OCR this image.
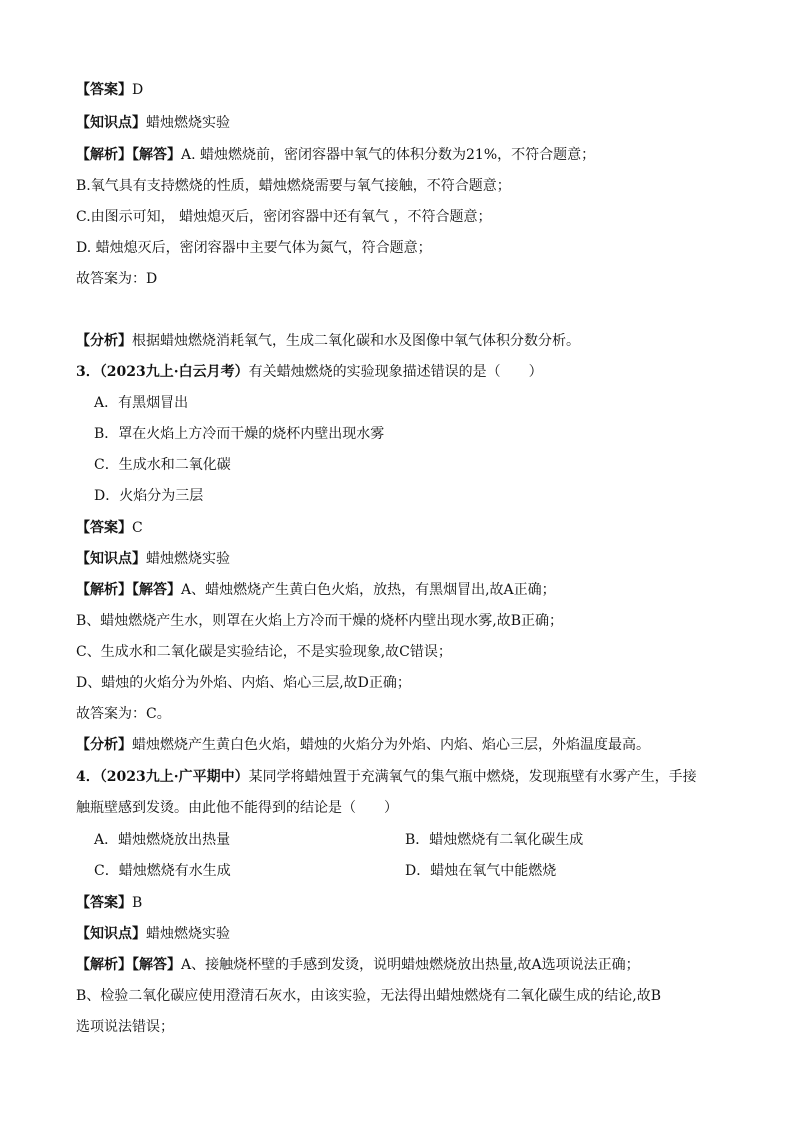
【答案】D
【知识点】蜡烛燃烧实验
【解析】【解答】A. 蜡烛燃烧前，密闭容器中氧气的体积分数为21%，不符合题意；
B.氧气具有支持燃烧的性质，蜡烛燃烧需要与氧气接触，不符合题意；
C.由图示可知， 蜡烛熄灭后，密闭容器中还有氧气 ，不符合题意；
D. 蜡烛熄灭后，密闭容器中主要气体为氮气，符合题意；
故答案为：D
【分析】根据蜡烛燃烧消耗氧气，生成二氧化碳和水及图像中氧气体积分数分析。
3．（2023九上·白云月考）有关蜡烛燃烧的实验现象描述错误的是（　　）
A．有黑烟冒出
B．罩在火焰上方冷而干燥的烧杯内壁出现水雾
C．生成水和二氧化碳
D．火焰分为三层
【答案】C
【知识点】蜡烛燃烧实验
【解析】【解答】A、蜡烛燃烧产生黄白色火焰，放热，有黑烟冒出,故A正确；
B、蜡烛燃烧产生水，则罩在火焰上方冷而干燥的烧杯内壁出现水雾,故B正确；
C、生成水和二氧化碳是实验结论，不是实验现象,故C错误；
D、蜡烛的火焰分为外焰、内焰、焰心三层,故D正确；
故答案为：C。
【分析】蜡烛燃烧产生黄白色火焰，蜡烛的火焰分为外焰、内焰、焰心三层，外焰温度最高。
4．（2023九上·广平期中）某同学将蜡烛置于充满氧气的集气瓶中燃烧，发现瓶壁有水雾产生，手接
触瓶壁感到发烫。由此他不能得到的结论是（　　）
A．蜡烛燃烧放出热量	B．蜡烛燃烧有二氧化碳生成
C．蜡烛燃烧有水生成	D．蜡烛在氧气中能燃烧
【答案】B
【知识点】蜡烛燃烧实验
【解析】【解答】A、接触烧杯壁的手感到发烫，说明蜡烛燃烧放出热量,故A选项说法正确；
B、检验二氧化碳应使用澄清石灰水，由该实验，无法得出蜡烛燃烧有二氧化碳生成的结论,故B
选项说法错误；
